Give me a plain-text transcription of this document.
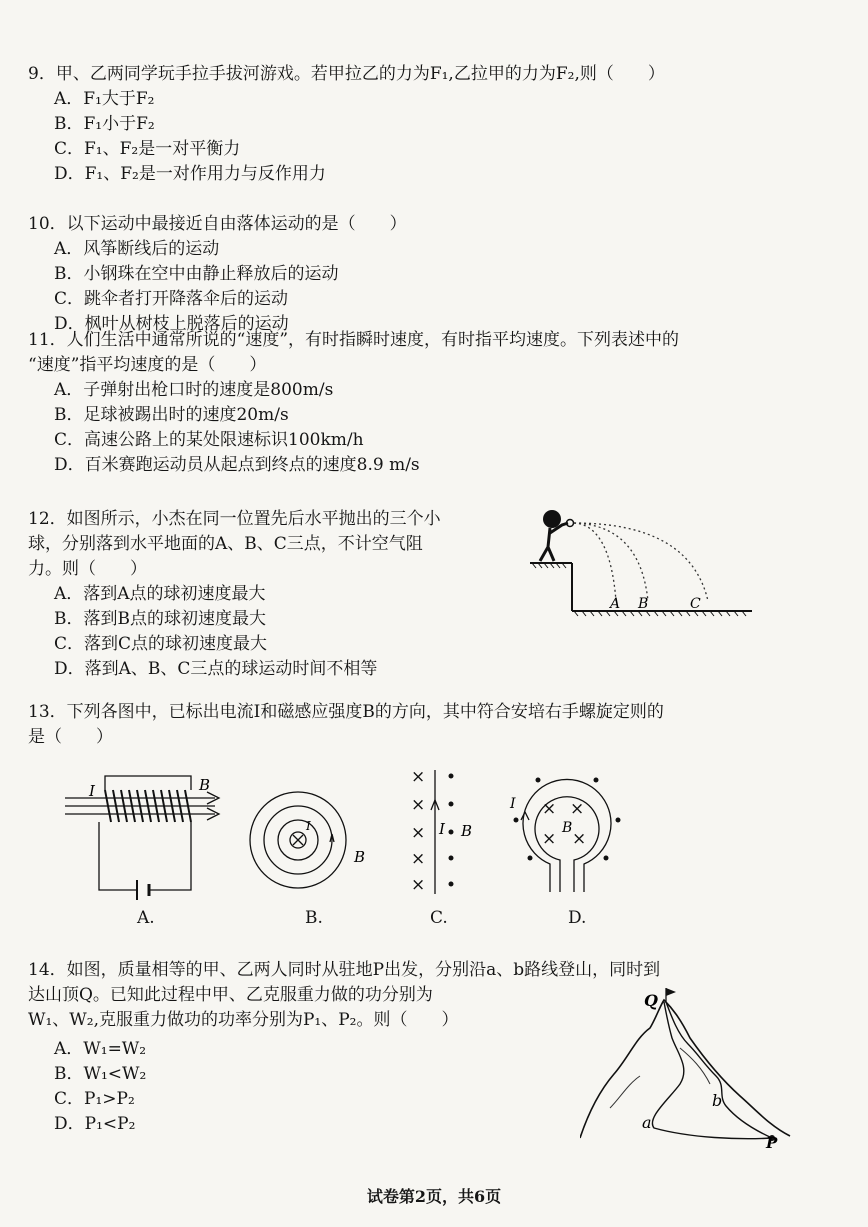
9．甲、乙两同学玩手拉手拔河游戏。若甲拉乙的力为F₁,乙拉甲的力为F₂,则（　　）
A．F₁大于F₂
B．F₁小于F₂
C．F₁、F₂是一对平衡力
D．F₁、F₂是一对作用力与反作用力
10．以下运动中最接近自由落体运动的是（　　）
A．风筝断线后的运动
B．小钢珠在空中由静止释放后的运动
C．跳伞者打开降落伞后的运动
D．枫叶从树枝上脱落后的运动
11．人们生活中通常所说的“速度”，有时指瞬时速度，有时指平均速度。下列表述中的
“速度”指平均速度的是（　　）
A．子弹射出枪口时的速度是800m/s
B．足球被踢出时的速度20m/s
C．高速公路上的某处限速标识100km/h
D．百米赛跑运动员从起点到终点的速度8.9 m/s
12．如图所示，小杰在同一位置先后水平抛出的三个小
球，分别落到水平地面的A、B、C三点，不计空气阻
力。则（　　）
A．落到A点的球初速度最大
B．落到B点的球初速度最大
C．落到C点的球初速度最大
D．落到A、B、C三点的球运动时间不相等
A B	C
13．下列各图中，已标出电流I和磁感应强度B的方向，其中符合安培右手螺旋定则的
是（　　）
I	B
A.
I
B
B.
×
×
×
×
×
I B
C.
× ×
× ×
I
B
D.
14．如图，质量相等的甲、乙两人同时从驻地P出发，分别沿a、b路线登山，同时到
达山顶Q。已知此过程中甲、乙克服重力做的功分别为
W₁、W₂,克服重力做功的功率分别为P₁、P₂。则（　　）
A．W₁=W₂
B．W₁<W₂
C．P₁>P₂
D．P₁<P₂
Q
a
b
P
试卷第2页，共6页
